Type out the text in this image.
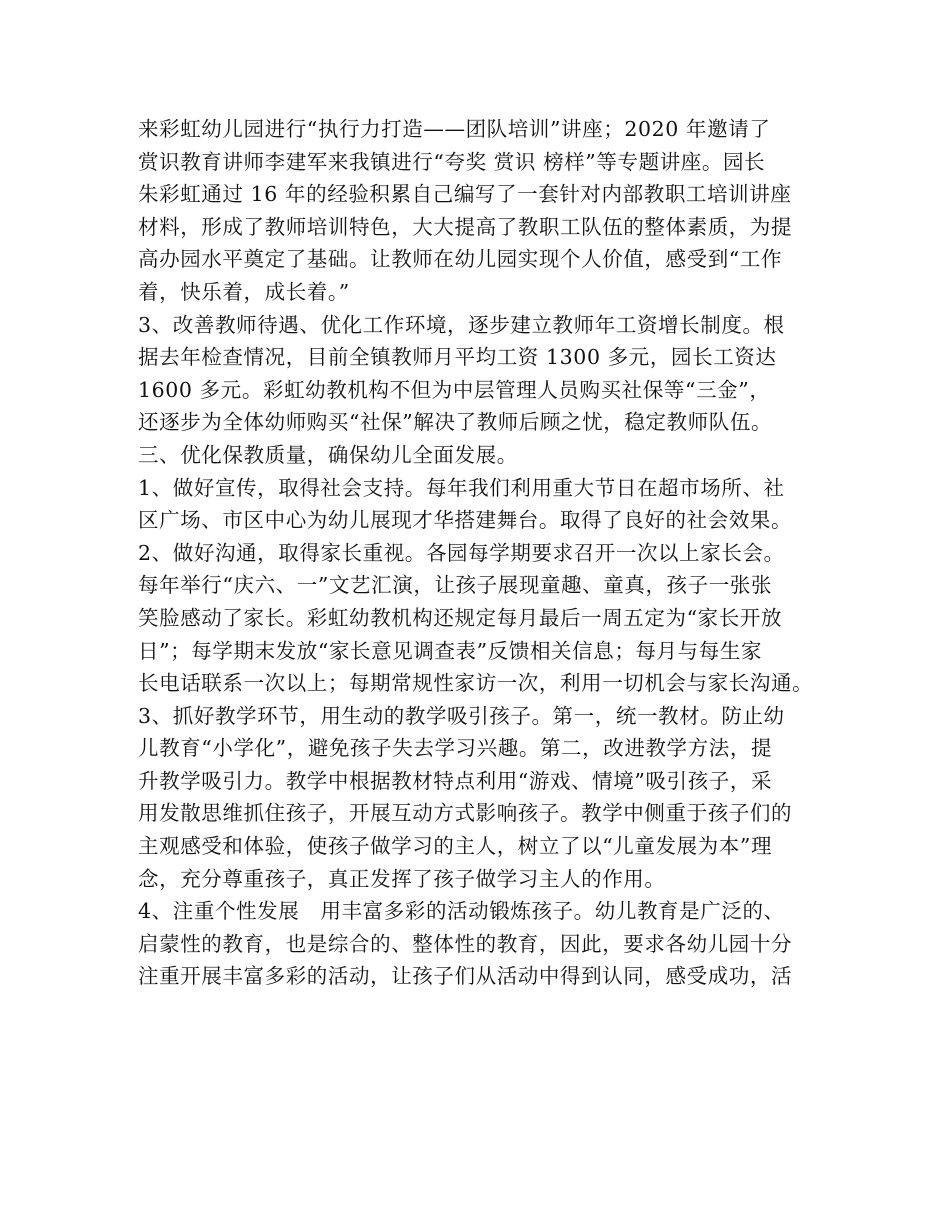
来彩虹幼儿园进行“执行力打造——团队培训”讲座；2020 年邀请了
赏识教育讲师李建军来我镇进行“夸奖 赏识 榜样”等专题讲座。园长
朱彩虹通过 16 年的经验积累自己编写了一套针对内部教职工培训讲座
材料，形成了教师培训特色，大大提高了教职工队伍的整体素质，为提
高办园水平奠定了基础。让教师在幼儿园实现个人价值，感受到“工作
着，快乐着，成长着。”
3、改善教师待遇、优化工作环境，逐步建立教师年工资增长制度。根
据去年检查情况，目前全镇教师月平均工资 1300 多元，园长工资达
1600 多元。彩虹幼教机构不但为中层管理人员购买社保等“三金”，
还逐步为全体幼师购买“社保”解决了教师后顾之忧，稳定教师队伍。
三、优化保教质量，确保幼儿全面发展。
1、做好宣传，取得社会支持。每年我们利用重大节日在超市场所、社
区广场、市区中心为幼儿展现才华搭建舞台。取得了良好的社会效果。
2、做好沟通，取得家长重视。各园每学期要求召开一次以上家长会。
每年举行“庆六、一”文艺汇演，让孩子展现童趣、童真，孩子一张张
笑脸感动了家长。彩虹幼教机构还规定每月最后一周五定为“家长开放
日”；每学期末发放“家长意见调查表”反馈相关信息；每月与每生家
长电话联系一次以上；每期常规性家访一次，利用一切机会与家长沟通。
3、抓好教学环节，用生动的教学吸引孩子。第一，统一教材。防止幼
儿教育“小学化”，避免孩子失去学习兴趣。第二，改进教学方法，提
升教学吸引力。教学中根据教材特点利用“游戏、情境”吸引孩子，采
用发散思维抓住孩子，开展互动方式影响孩子。教学中侧重于孩子们的
主观感受和体验，使孩子做学习的主人，树立了以“儿童发展为本”理
念，充分尊重孩子，真正发挥了孩子做学习主人的作用。
4、注重个性发展　用丰富多彩的活动锻炼孩子。幼儿教育是广泛的、
启蒙性的教育，也是综合的、整体性的教育，因此，要求各幼儿园十分
注重开展丰富多彩的活动，让孩子们从活动中得到认同，感受成功，活
